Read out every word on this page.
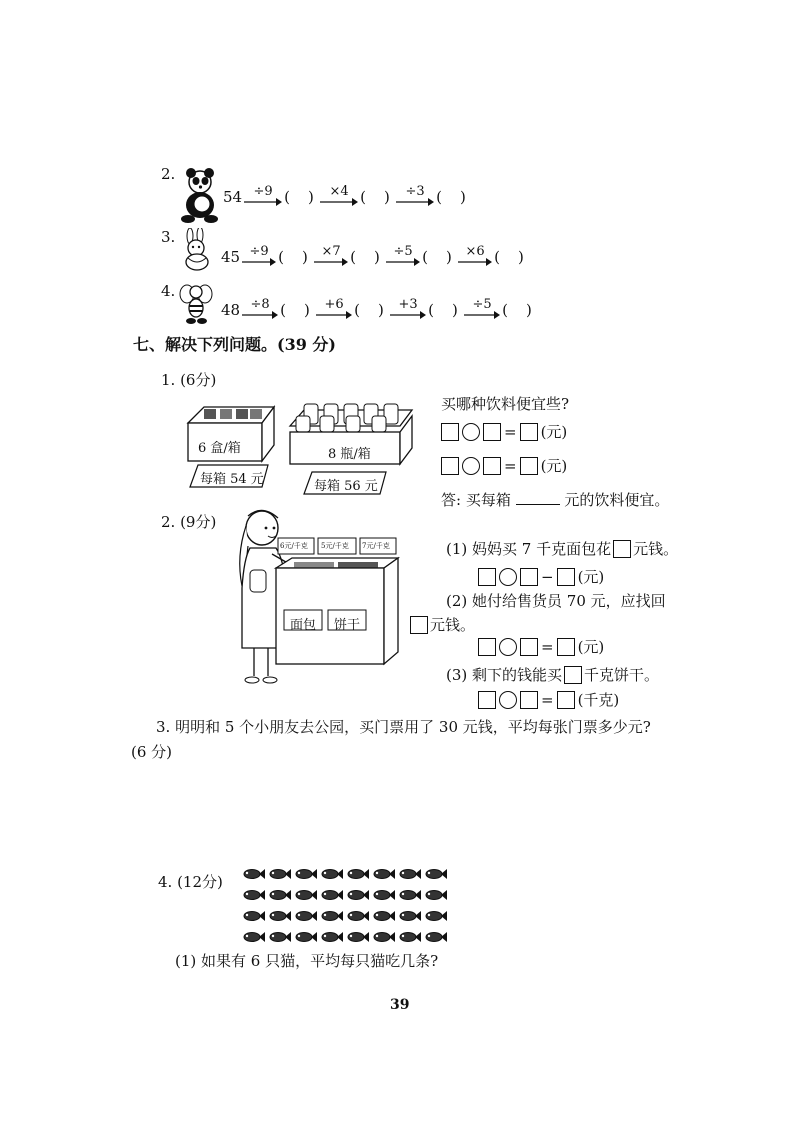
2.
54 ÷9 ( )	×4 ( )	÷3 ( )
3.
45 ÷9 ( )	×7 ( )	÷5 ( )	×6 ( )
4.
48 ÷8 ( )	+6 ( )	+3 ( )	÷5 ( )
七、解决下列问题。(39 分)
1. (6分)
6 盒/箱
每箱 54 元
8 瓶/箱
每箱 56 元
买哪种饮料便宜些?
= (元)
= (元)
答: 买每箱	元的饮料便宜。
2. (9分)
6元/千克 5元/千克 7元/千克
面包 饼干
(1) 妈妈买 7 千克面包花 元钱。
− (元)
(2) 她付给售货员 70 元，应找回
元钱。
= (元)
(3) 剩下的钱能买 千克饼干。
= (千克)
3. 明明和 5 个小朋友去公园，买门票用了 30 元钱，平均每张门票多少元?
(6 分)
4. (12分)
(1) 如果有 6 只猫，平均每只猫吃几条?
39
